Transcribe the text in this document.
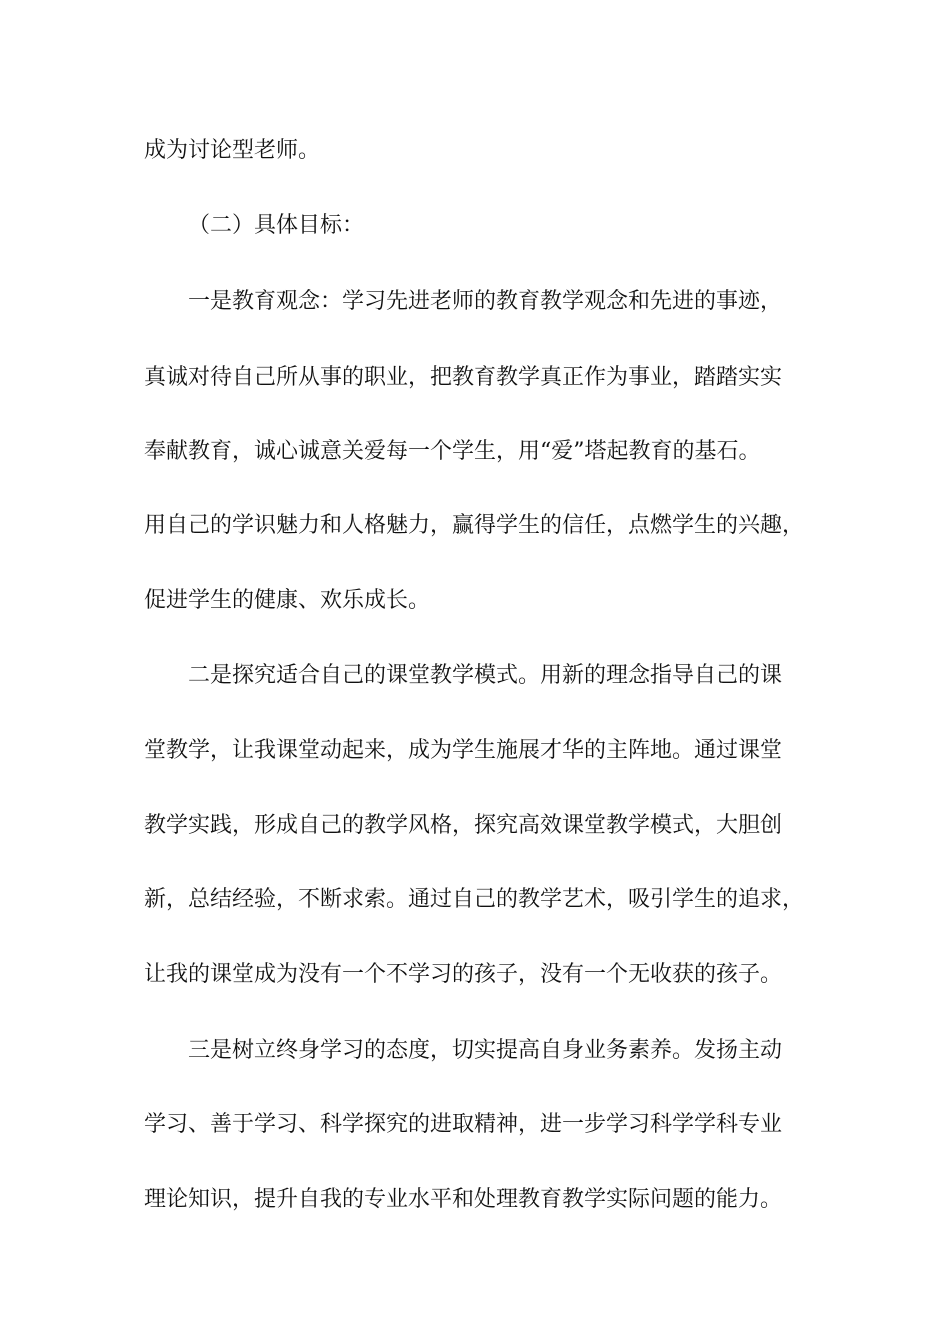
成为讨论型老师。
（二）具体目标：
一是教育观念：学习先进老师的教育教学观念和先进的事迹，
真诚对待自己所从事的职业，把教育教学真正作为事业，踏踏实实
奉献教育，诚心诚意关爱每一个学生，用“爱”塔起教育的基石。
用自己的学识魅力和人格魅力，赢得学生的信任，点燃学生的兴趣，
促进学生的健康、欢乐成长。
二是探究适合自己的课堂教学模式。用新的理念指导自己的课
堂教学，让我课堂动起来，成为学生施展才华的主阵地。通过课堂
教学实践，形成自己的教学风格，探究高效课堂教学模式，大胆创
新，总结经验，不断求索。通过自己的教学艺术，吸引学生的追求，
让我的课堂成为没有一个不学习的孩子，没有一个无收获的孩子。
三是树立终身学习的态度，切实提高自身业务素养。发扬主动
学习、善于学习、科学探究的进取精神，进一步学习科学学科专业
理论知识，提升自我的专业水平和处理教育教学实际问题的能力。
